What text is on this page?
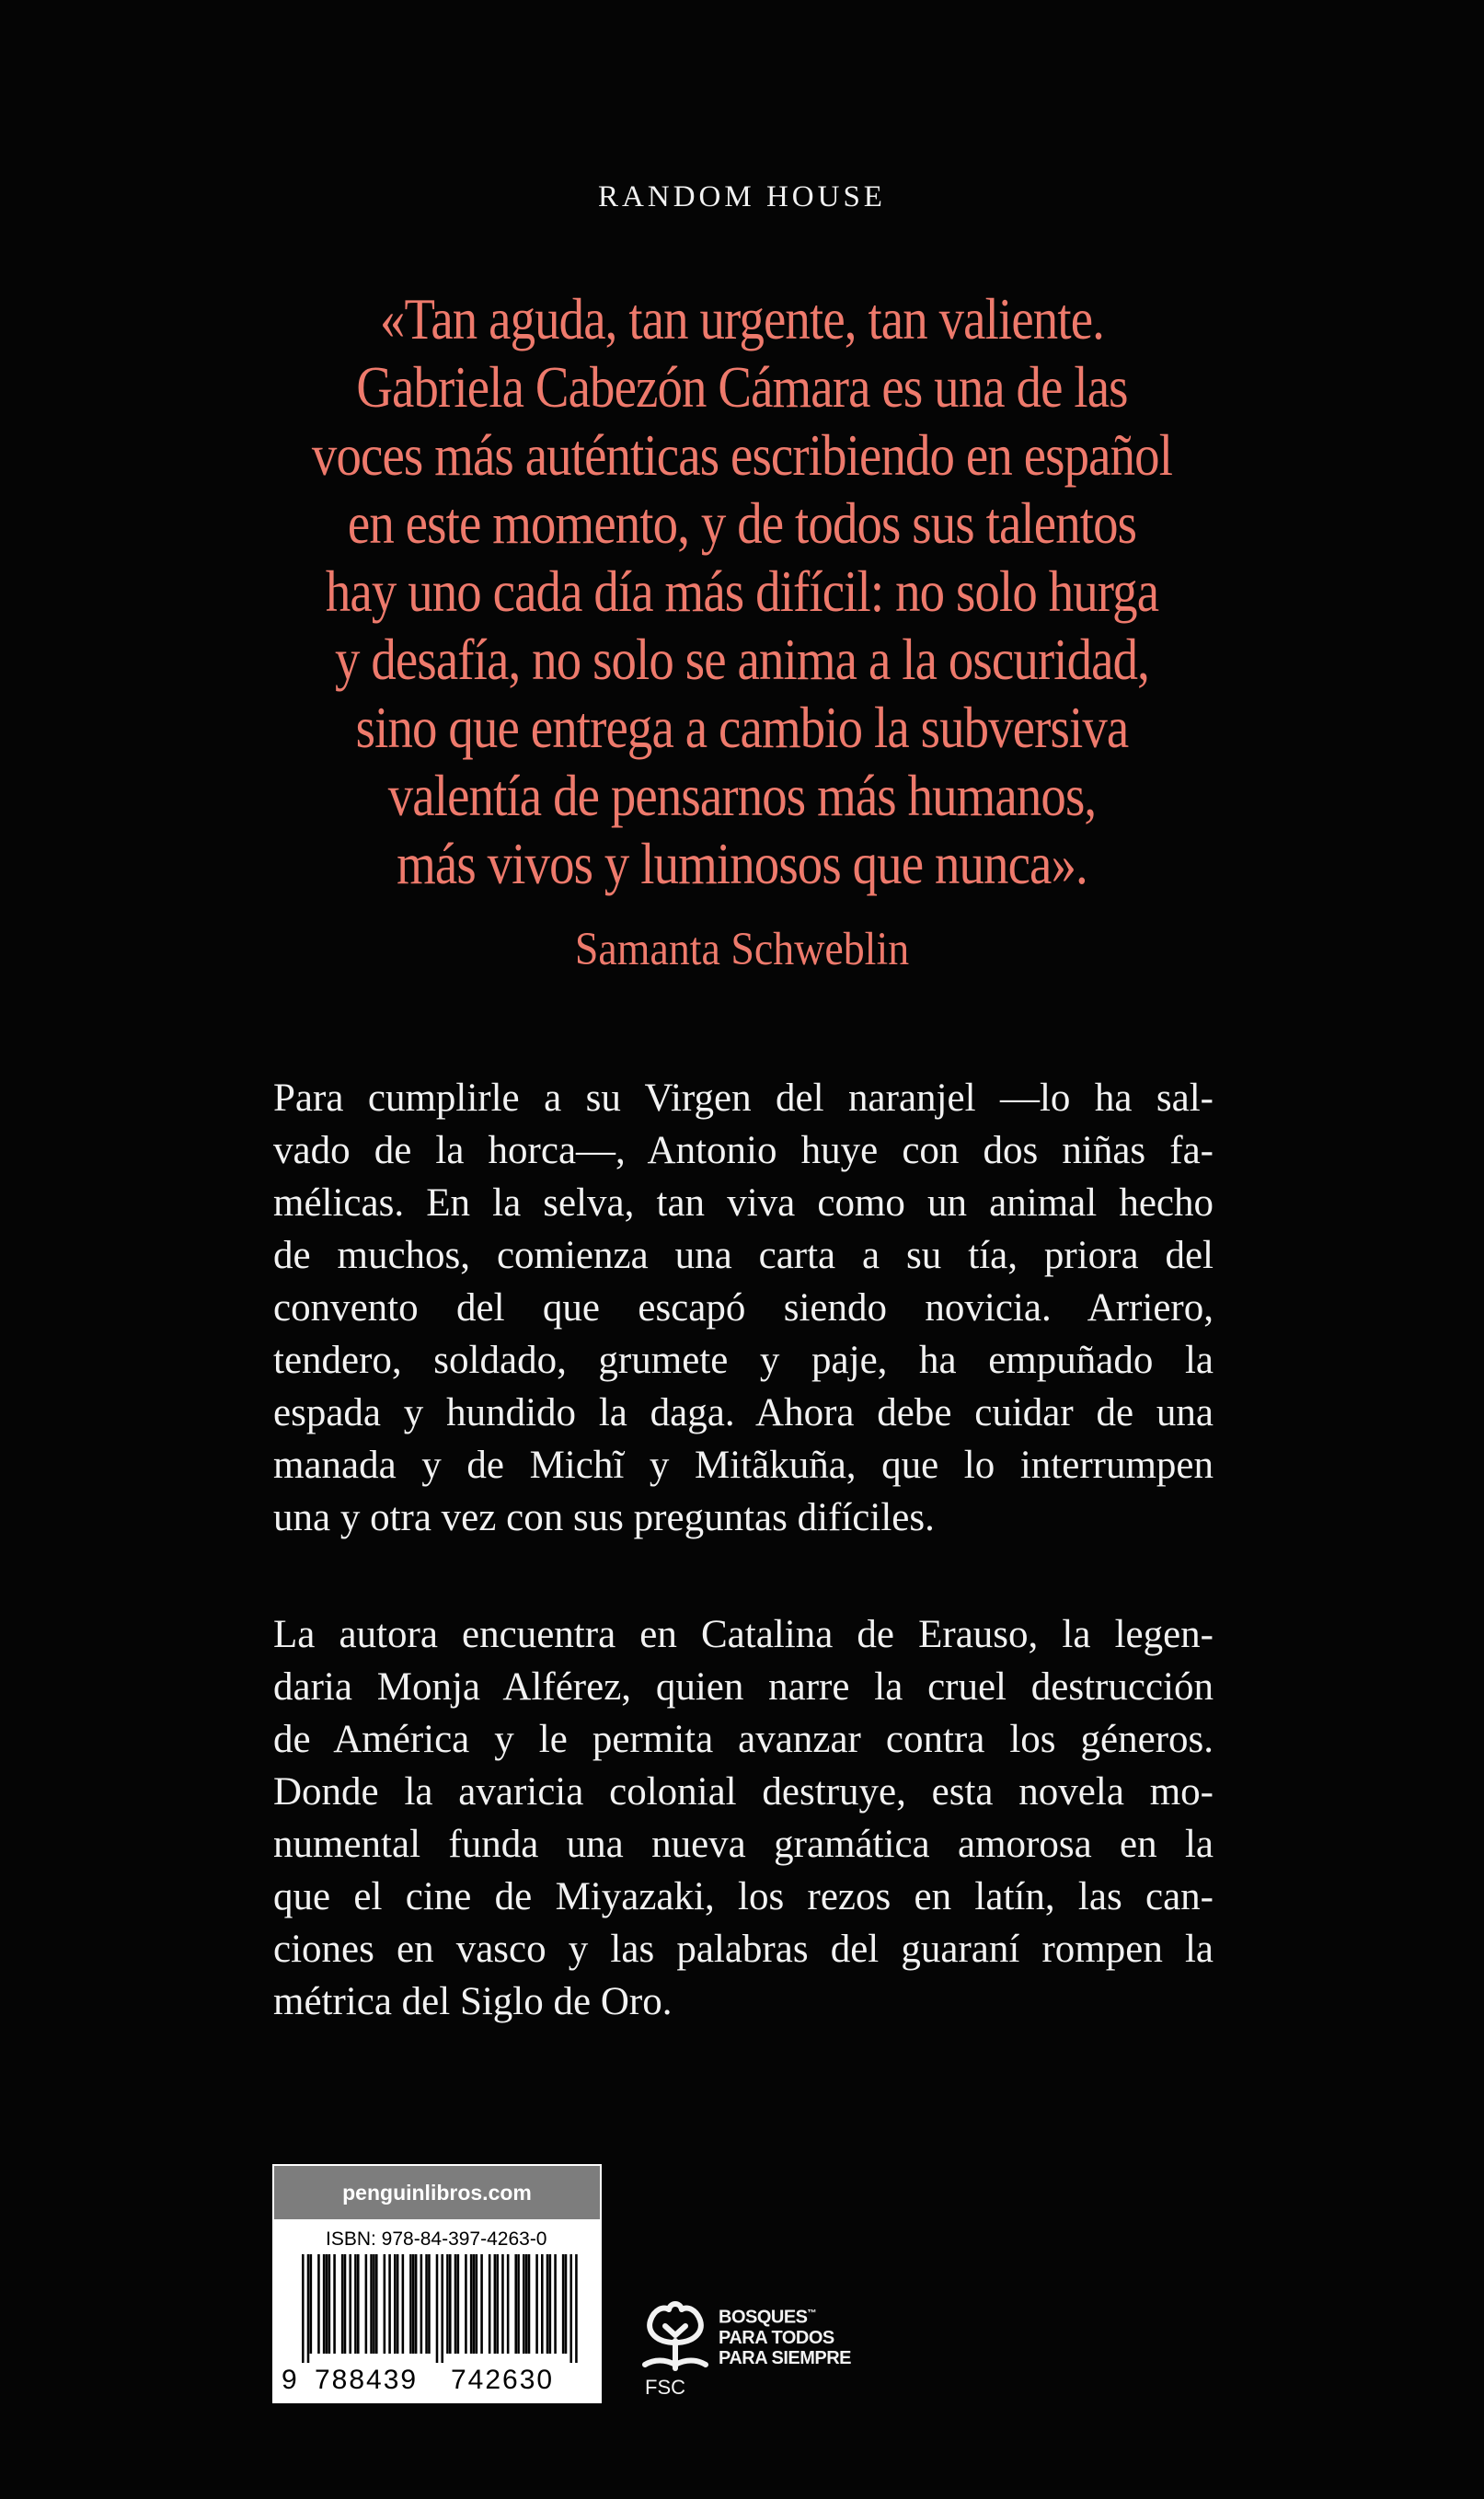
RANDOM HOUSE
«Tan aguda, tan urgente, tan valiente.
Gabriela Cabezón Cámara es una de las
voces más auténticas escribiendo en español
en este momento, y de todos sus talentos
hay uno cada día más difícil: no solo hurga
y desafía, no solo se anima a la oscuridad,
sino que entrega a cambio la subversiva
valentía de pensarnos más humanos,
más vivos y luminosos que nunca».
Samanta Schweblin
Para cumplirle a su Virgen del naranjel —lo ha sal-
vado de la horca—, Antonio huye con dos niñas fa-
mélicas. En la selva, tan viva como un animal hecho
de muchos, comienza una carta a su tía, priora del
convento del que escapó siendo novicia. Arriero,
tendero, soldado, grumete y paje, ha empuñado la
espada y hundido la daga. Ahora debe cuidar de una
manada y de Michĩ y Mitãkuña, que lo interrumpen
una y otra vez con sus preguntas difíciles.
La autora encuentra en Catalina de Erauso, la legen-
daria Monja Alférez, quien narre la cruel destrucción
de América y le permita avanzar contra los géneros.
Donde la avaricia colonial destruye, esta novela mo-
numental funda una nueva gramática amorosa en la
que el cine de Miyazaki, los rezos en latín, las can-
ciones en vasco y las palabras del guaraní rompen la
métrica del Siglo de Oro.
penguinlibros.com
ISBN: 978-84-397-4263-0
9 788439 742630	FSC
BOSQUES™
PARA TODOS
PARA SIEMPRE
